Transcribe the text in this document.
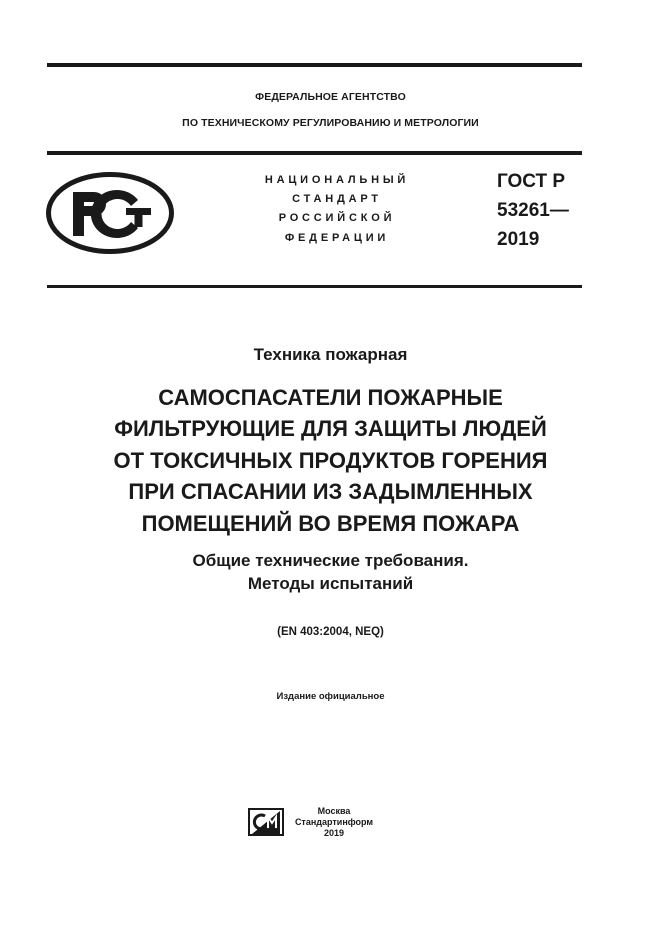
ФЕДЕРАЛЬНОЕ АГЕНТСТВО
ПО ТЕХНИЧЕСКОМУ РЕГУЛИРОВАНИЮ И МЕТРОЛОГИИ
НАЦИОНАЛЬНЫЙ
СТАНДАРТ
РОССИЙСКОЙ
ФЕДЕРАЦИИ
ГОСТ Р
53261—
2019
Техника пожарная
САМОСПАСАТЕЛИ ПОЖАРНЫЕ
ФИЛЬТРУЮЩИЕ ДЛЯ ЗАЩИТЫ ЛЮДЕЙ
ОТ ТОКСИЧНЫХ ПРОДУКТОВ ГОРЕНИЯ
ПРИ СПАСАНИИ ИЗ ЗАДЫМЛЕННЫХ
ПОМЕЩЕНИЙ ВО ВРЕМЯ ПОЖАРА
Общие технические требования.
Методы испытаний
(EN 403:2004, NEQ)
Издание официальное
Москва
Стандартинформ
2019
